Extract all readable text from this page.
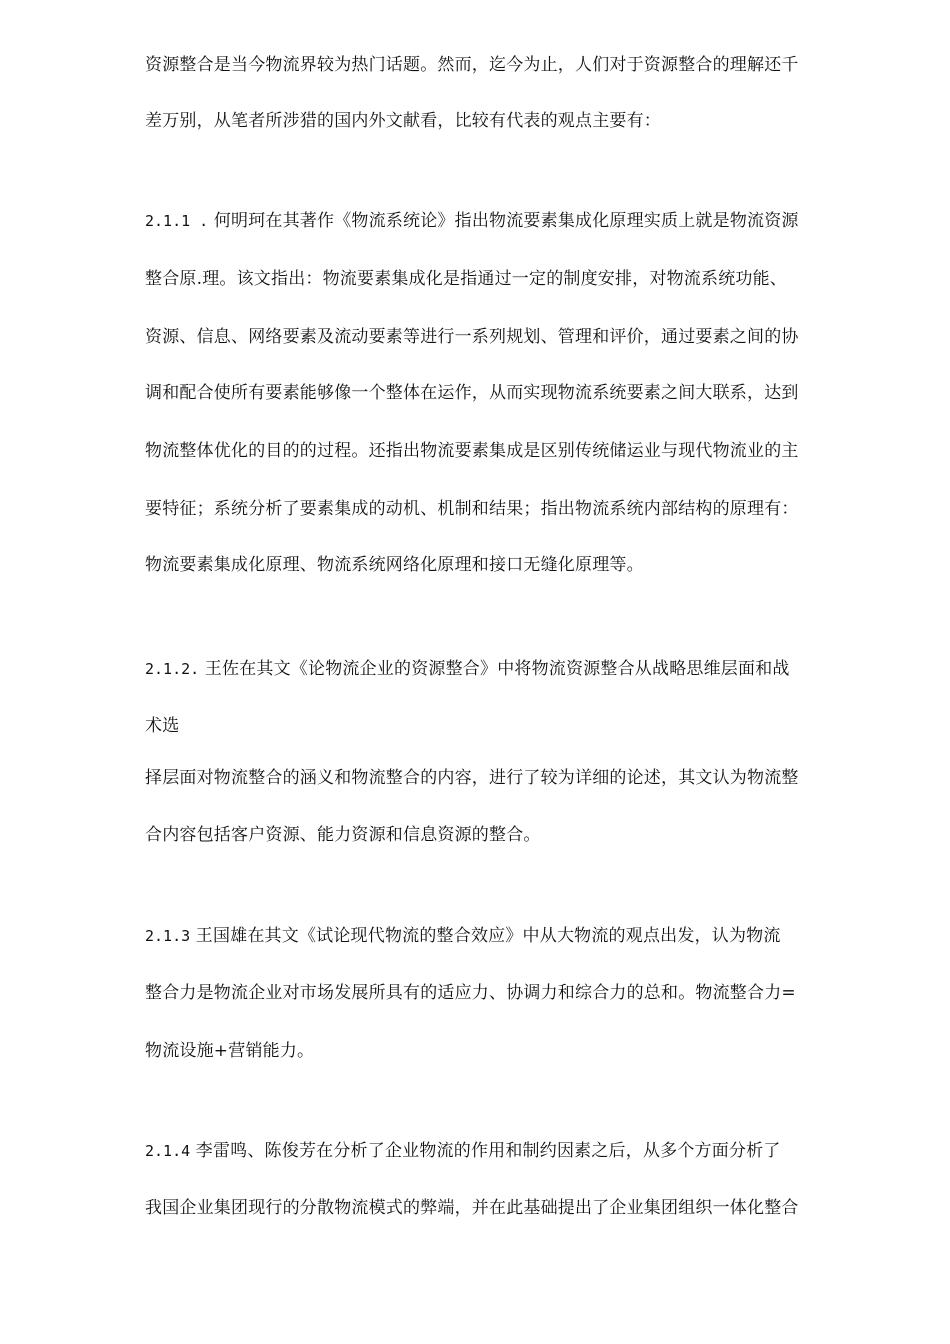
资源整合是当今物流界较为热门话题。然而，迄今为止，人们对于资源整合的理解还千
差万别，从笔者所涉猎的国内外文献看，比较有代表的观点主要有：
2.1.1 . 何明珂在其著作《物流系统论》指出物流要素集成化原理实质上就是物流资源
整合原.理。该文指出：物流要素集成化是指通过一定的制度安排，对物流系统功能、
资源、信息、网络要素及流动要素等进行一系列规划、管理和评价，通过要素之间的协
调和配合使所有要素能够像一个整体在运作，从而实现物流系统要素之间大联系，达到
物流整体优化的目的的过程。还指出物流要素集成是区别传统储运业与现代物流业的主
要特征；系统分析了要素集成的动机、机制和结果；指出物流系统内部结构的原理有：
物流要素集成化原理、物流系统网络化原理和接口无缝化原理等。
2.1.2. 王佐在其文《论物流企业的资源整合》中将物流资源整合从战略思维层面和战
术选
择层面对物流整合的涵义和物流整合的内容，进行了较为详细的论述，其文认为物流整
合内容包括客户资源、能力资源和信息资源的整合。
2.1.3 王国雄在其文《试论现代物流的整合效应》中从大物流的观点出发，认为物流
整合力是物流企业对市场发展所具有的适应力、协调力和综合力的总和。物流整合力=
物流设施+营销能力。
2.1.4 李雷鸣、陈俊芳在分析了企业物流的作用和制约因素之后，从多个方面分析了
我国企业集团现行的分散物流模式的弊端，并在此基础提出了企业集团组织一体化整合
